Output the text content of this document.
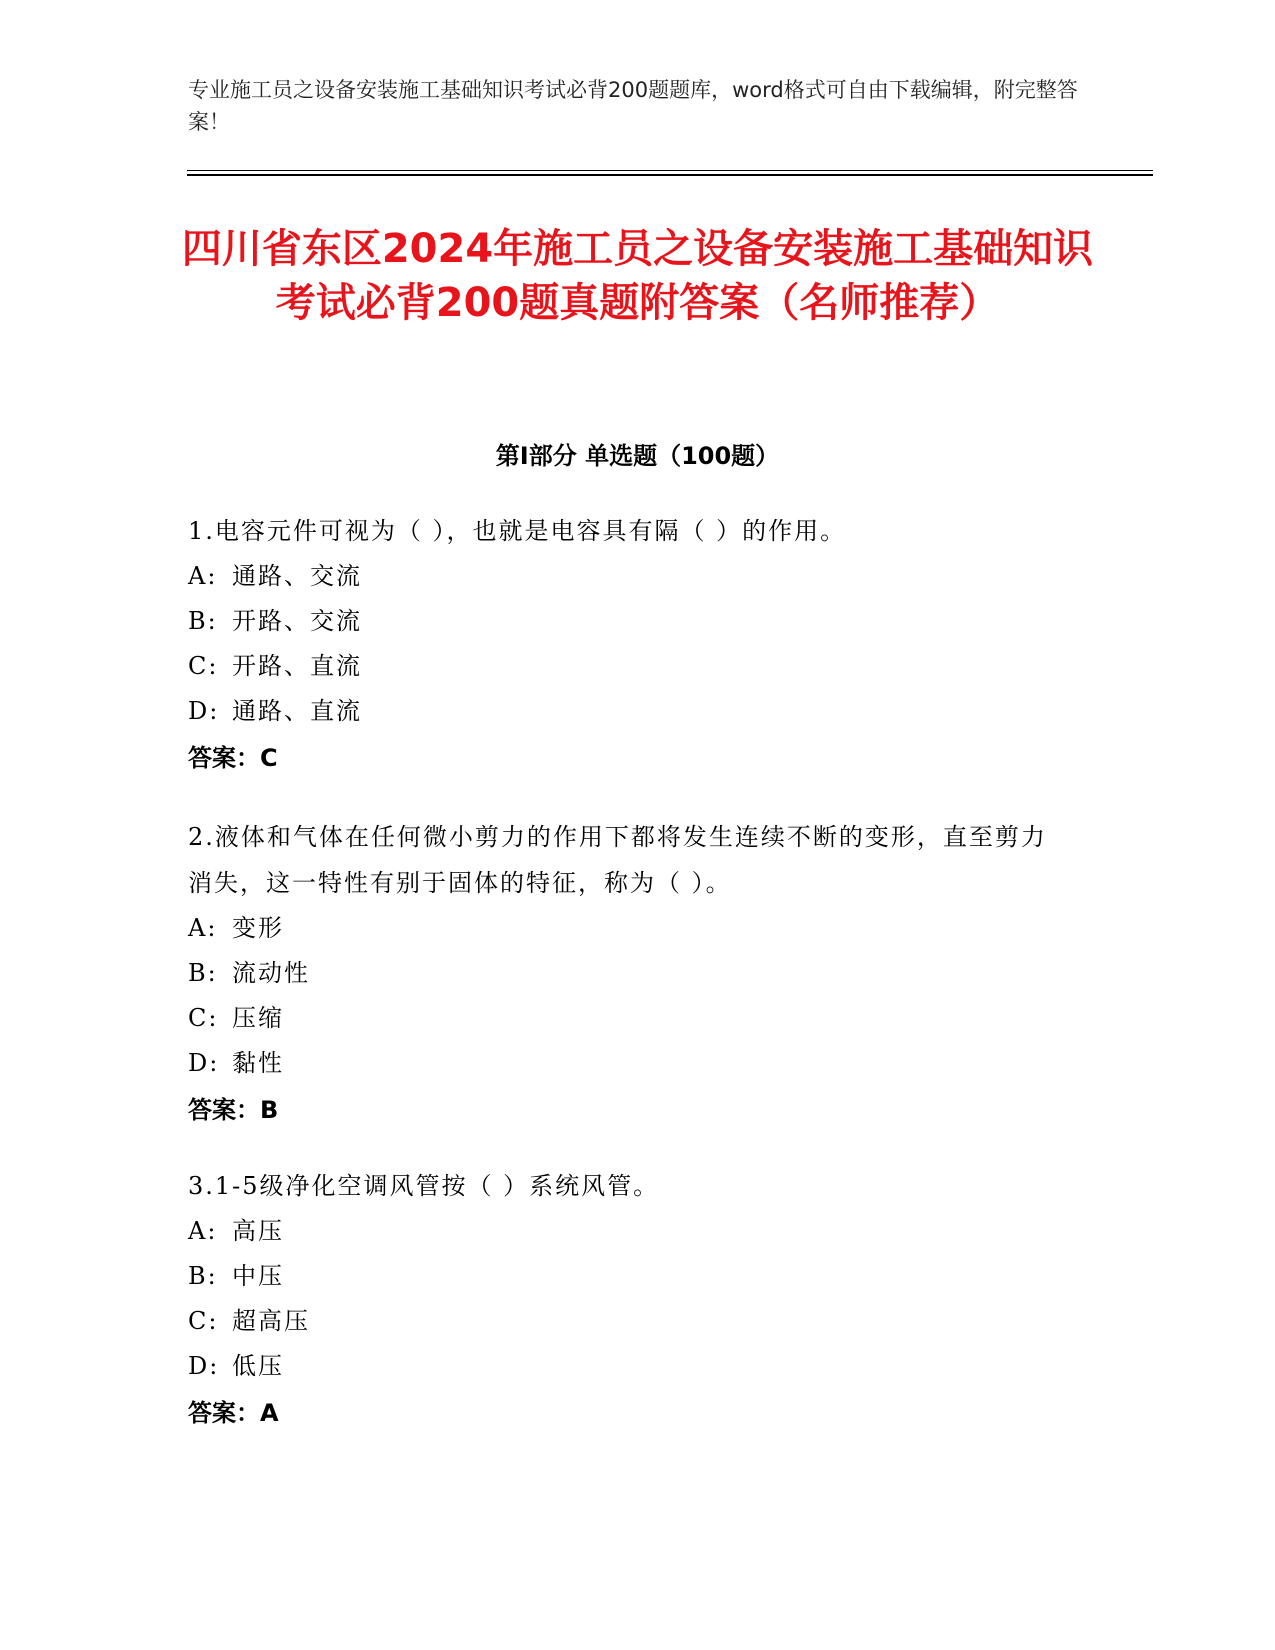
专业施工员之设备安装施工基础知识考试必背200题题库，word格式可自由下载编辑，附完整答案！
四川省东区2024年施工员之设备安装施工基础知识考试必背200题真题附答案（名师推荐）
第I部分 单选题（100题）
1.电容元件可视为（ ），也就是电容具有隔（ ）的作用。
A: 通路、交流
B: 开路、交流
C: 开路、直流
D: 通路、直流
答案：C
2.液体和气体在任何微小剪力的作用下都将发生连续不断的变形，直至剪力消失，这一特性有别于固体的特征，称为（ ）。
A: 变形
B: 流动性
C: 压缩
D: 黏性
答案：B
3.1-5级净化空调风管按（ ）系统风管。
A: 高压
B: 中压
C: 超高压
D: 低压
答案：A
